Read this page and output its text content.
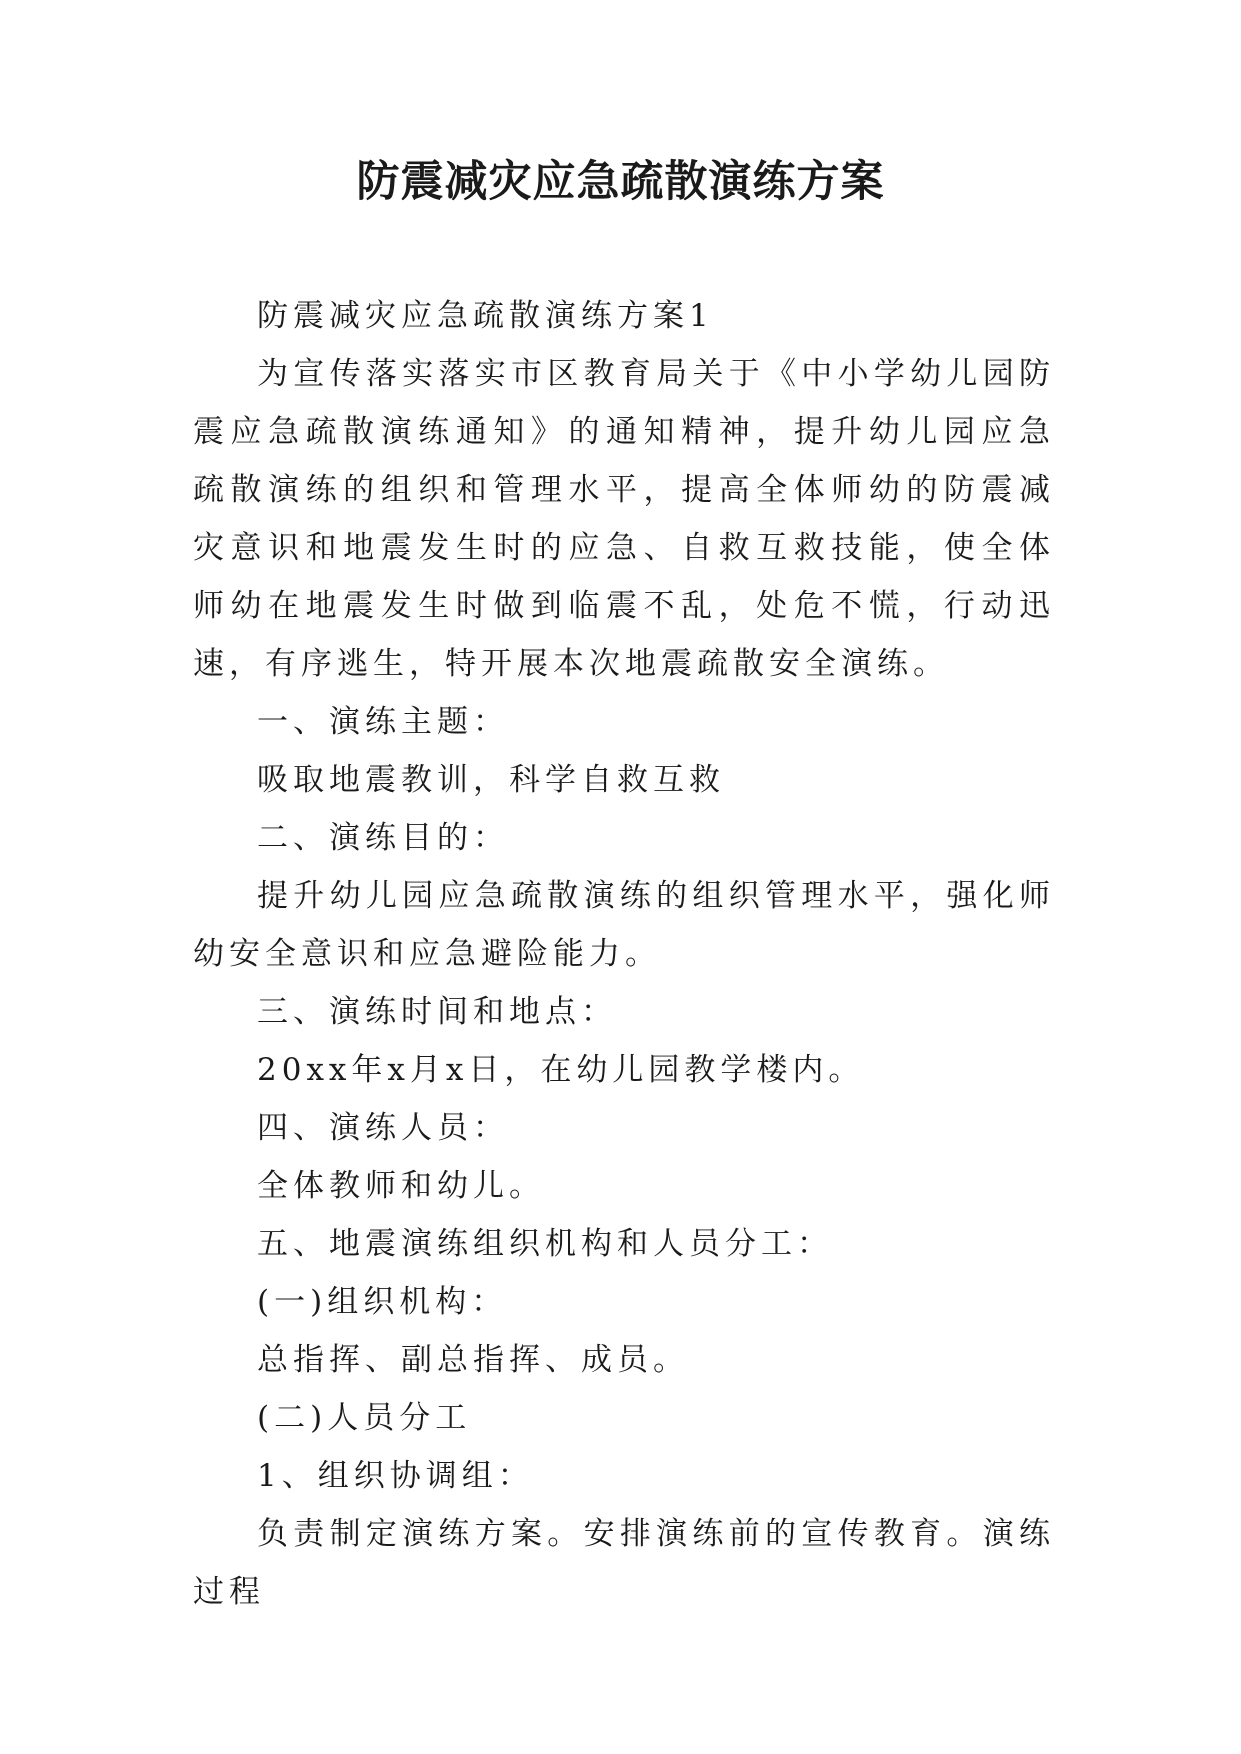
防震减灾应急疏散演练方案

防震减灾应急疏散演练方案1

为宣传落实落实市区教育局关于《中小学幼儿园防震应急疏散演练通知》的通知精神，提升幼儿园应急疏散演练的组织和管理水平，提高全体师幼的防震减灾意识和地震发生时的应急、自救互救技能，使全体师幼在地震发生时做到临震不乱，处危不慌，行动迅速，有序逃生，特开展本次地震疏散安全演练。

一、演练主题：

吸取地震教训，科学自救互救

二、演练目的：

提升幼儿园应急疏散演练的组织管理水平，强化师幼安全意识和应急避险能力。

三、演练时间和地点：

20xx年x月x日，在幼儿园教学楼内。

四、演练人员：

全体教师和幼儿。

五、地震演练组织机构和人员分工：

(一)组织机构：

总指挥、副总指挥、成员。

(二)人员分工

1、组织协调组：

负责制定演练方案。安排演练前的宣传教育。演练过程
